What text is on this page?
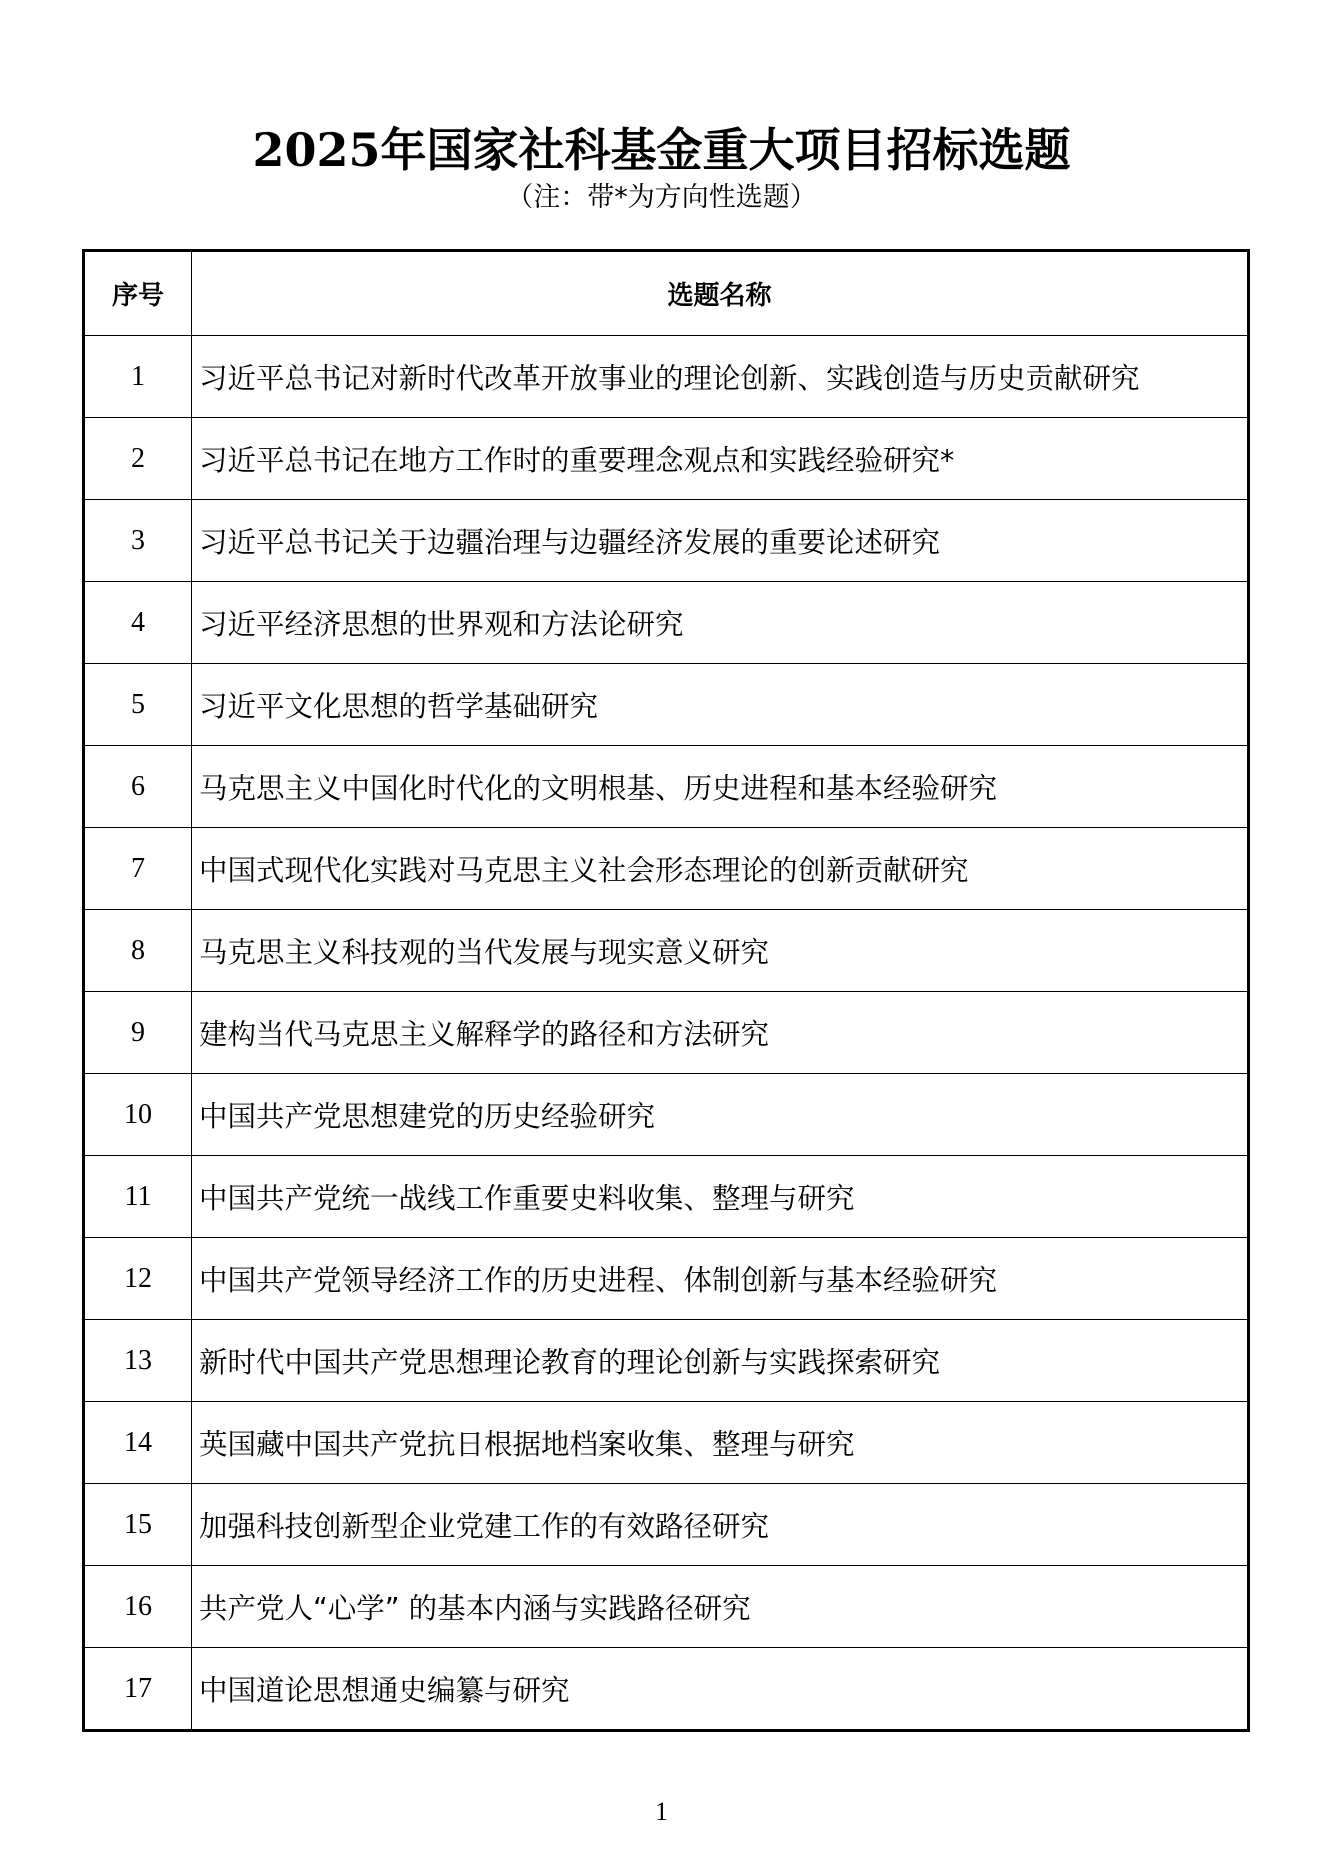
2025年国家社科基金重大项目招标选题
（注：带*为方向性选题）
序号	选题名称
1	习近平总书记对新时代改革开放事业的理论创新、实践创造与历史贡献研究
2	习近平总书记在地方工作时的重要理念观点和实践经验研究*
3	习近平总书记关于边疆治理与边疆经济发展的重要论述研究
4	习近平经济思想的世界观和方法论研究
5	习近平文化思想的哲学基础研究
6	马克思主义中国化时代化的文明根基、历史进程和基本经验研究
7	中国式现代化实践对马克思主义社会形态理论的创新贡献研究
8	马克思主义科技观的当代发展与现实意义研究
9	建构当代马克思主义解释学的路径和方法研究
10	中国共产党思想建党的历史经验研究
11	中国共产党统一战线工作重要史料收集、整理与研究
12	中国共产党领导经济工作的历史进程、体制创新与基本经验研究
13	新时代中国共产党思想理论教育的理论创新与实践探索研究
14	英国藏中国共产党抗日根据地档案收集、整理与研究
15	加强科技创新型企业党建工作的有效路径研究
16	共产党人“心学” 的基本内涵与实践路径研究
17	中国道论思想通史编纂与研究
1
